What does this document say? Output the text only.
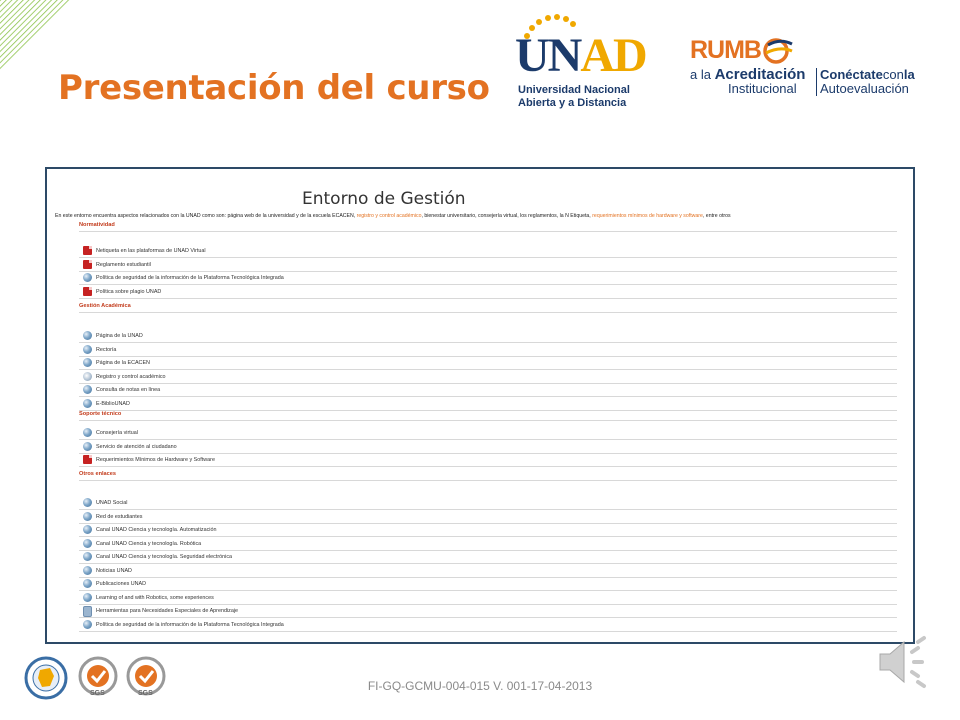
Presentación del curso
UNAD
Universidad Nacional
Abierta y a Distancia
RUMB
a la Acreditación
Institucional
Conéctateconla
Autoevaluación
Entorno de Gestión
En este entorno encuentra aspectos relacionados con la UNAD como son: página web de la universidad y de la escuela ECACEN, registro y control académico, bienestar universitario, consejería virtual, los reglamentos, la N Etiqueta, requerimientos mínimos de hardware y software, entre otros
Normatividad
Netiqueta en las plataformas de UNAD Virtual
Reglamento estudiantil
Política de seguridad de la información de la Plataforma Tecnológica Integrada
Política sobre plagio UNAD
Gestión Académica
Página de la UNAD
Rectoría
Página de la ECACEN
Registro y control académico
Consulta de notas en línea
E-BiblioUNAD
Soporte técnico
Consejería virtual
Servicio de atención al ciudadano
Requerimientos Mínimos de Hardware y Software
Otros enlaces
UNAD Social
Red de estudiantes
Canal UNAD Ciencia y tecnología. Automatización
Canal UNAD Ciencia y tecnología. Robótica
Canal UNAD Ciencia y tecnología. Seguridad electrónica
Noticias UNAD
Publicaciones UNAD
Learning of and with Robotics, some experiences
Herramientas para Necesidades Especiales de Aprendizaje
Política de seguridad de la información de la Plataforma Tecnológica Integrada
SGS	SGS
FI-GQ-GCMU-004-015 V. 001-17-04-2013
